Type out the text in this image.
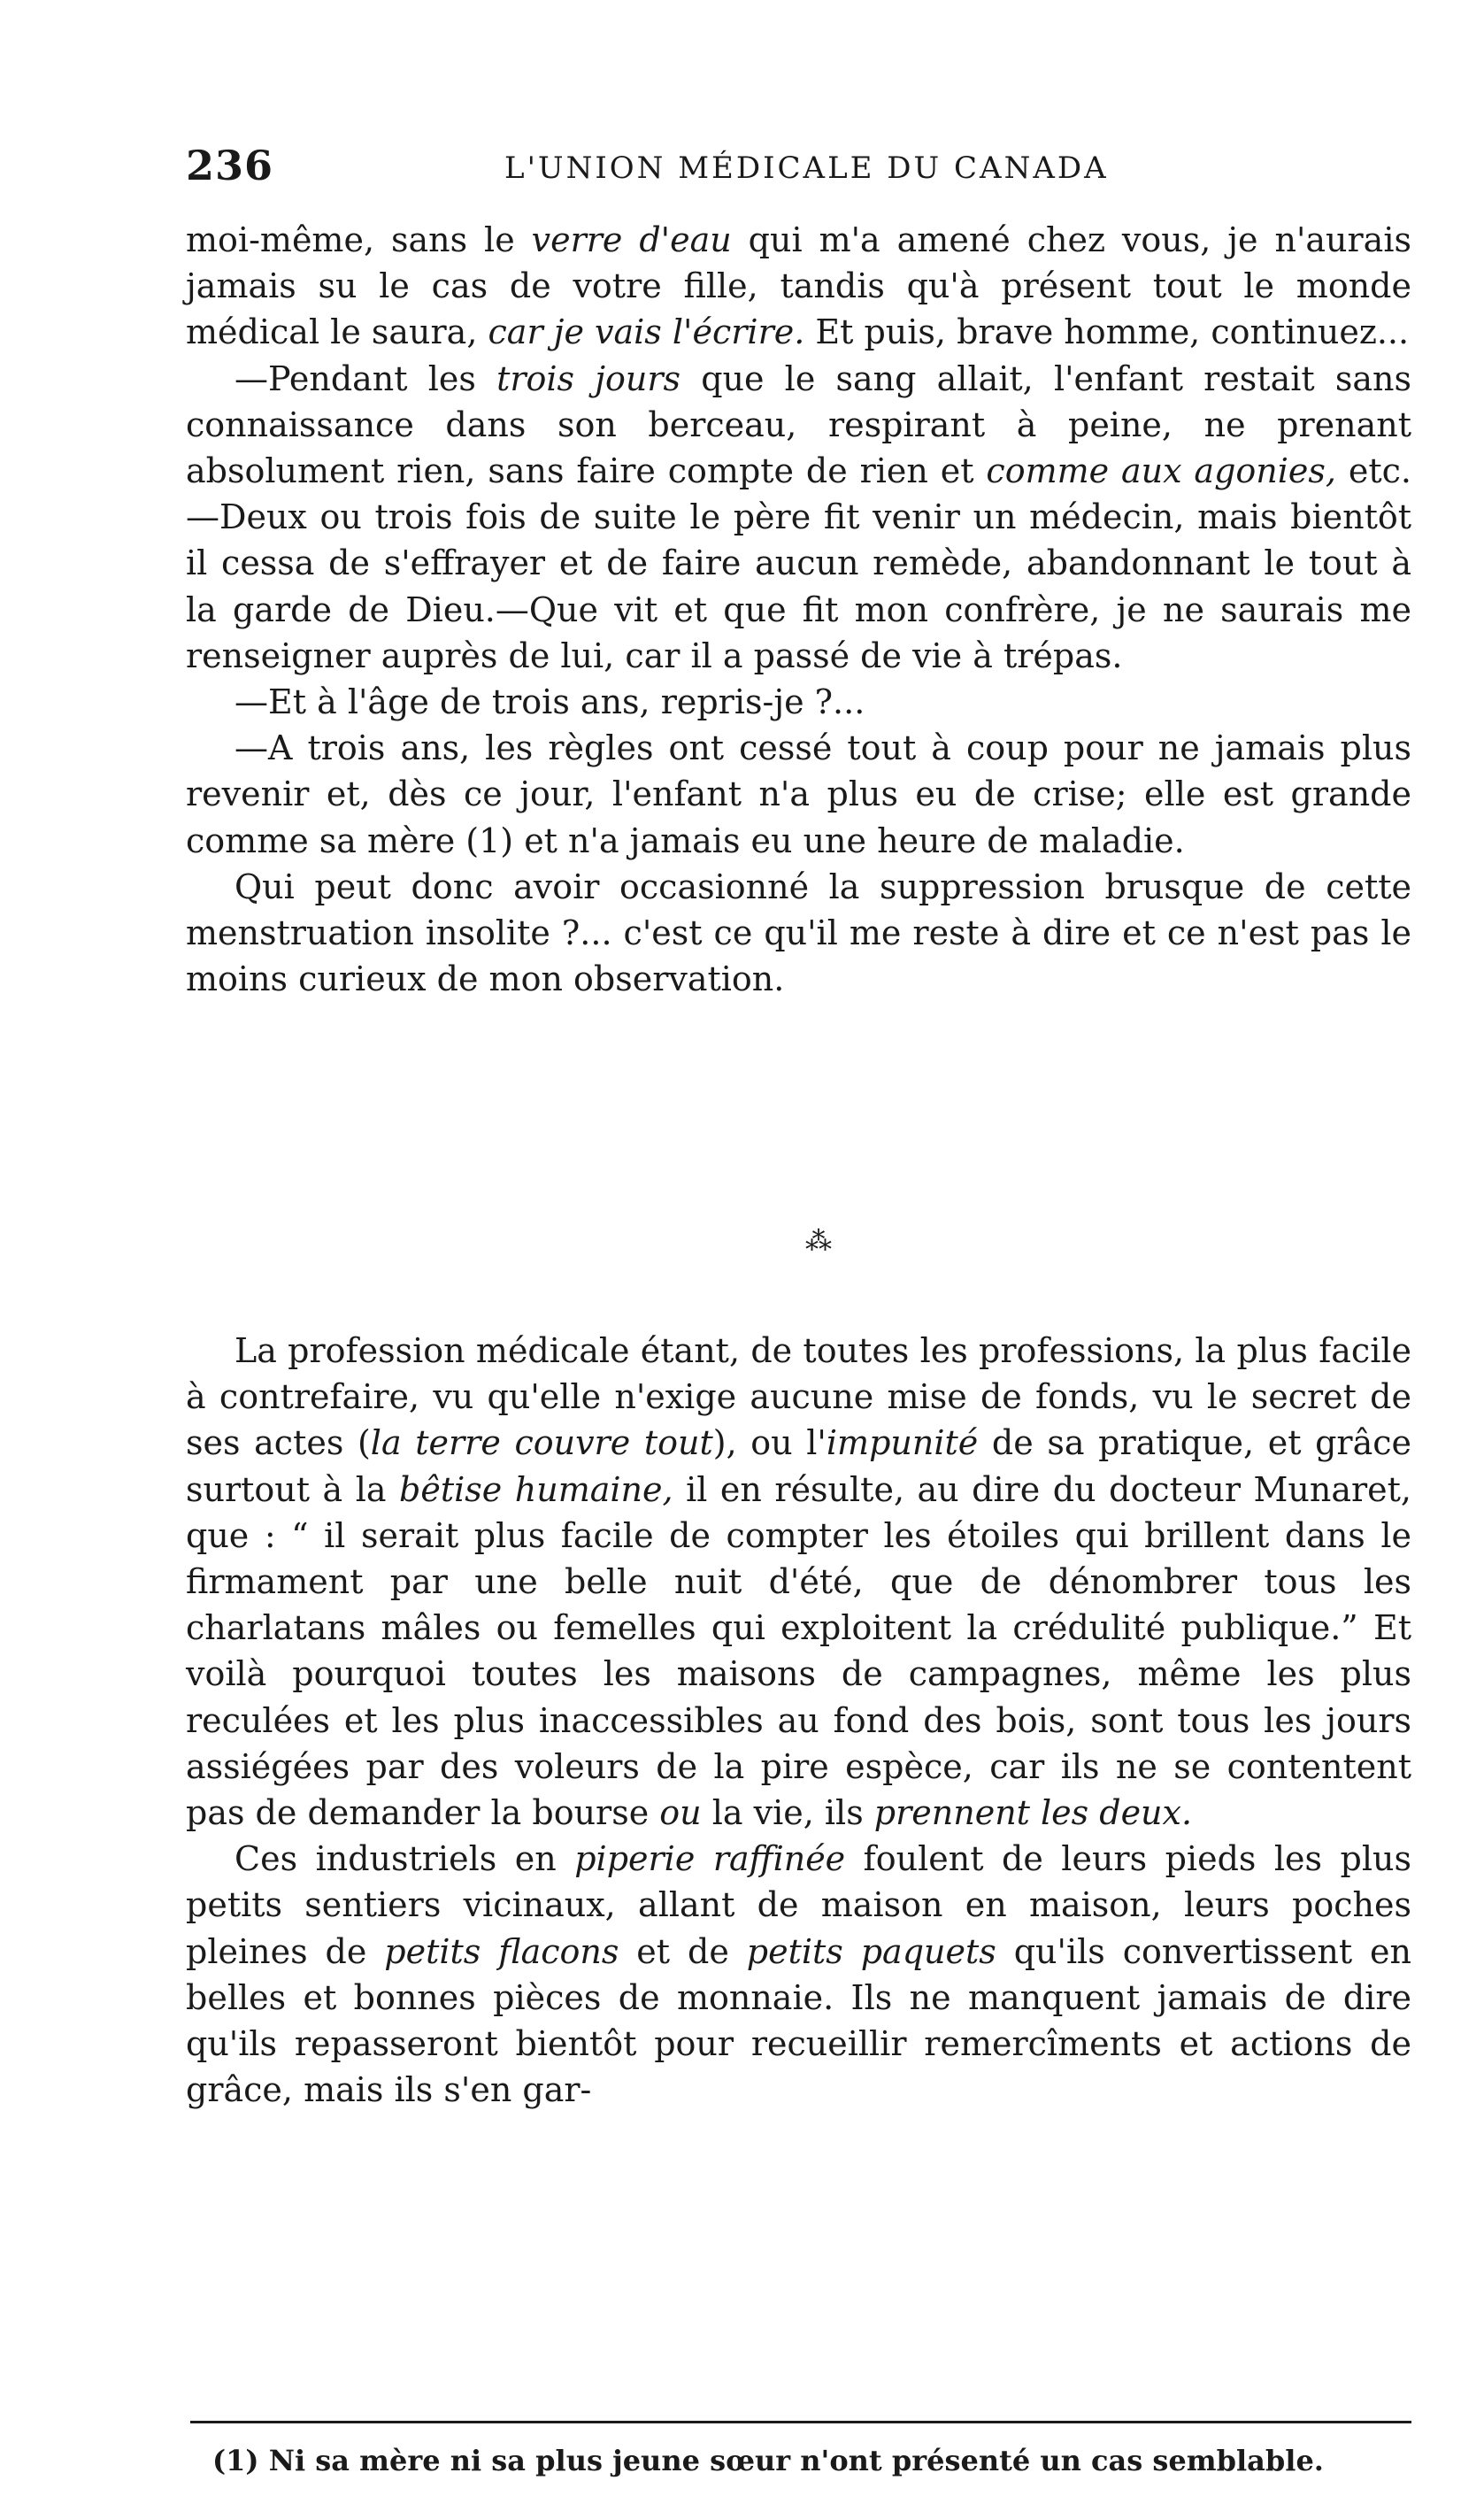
236	L'UNION MÉDICALE DU CANADA

moi-même, sans le verre d'eau qui m'a amené chez vous, je n'aurais jamais su le cas de votre fille, tandis qu'à présent tout le monde médical le saura, car je vais l'écrire. Et puis, brave homme, continuez...

—Pendant les trois jours que le sang allait, l'enfant restait sans connaissance dans son berceau, respirant à peine, ne prenant absolument rien, sans faire compte de rien et comme aux agonies, etc.—Deux ou trois fois de suite le père fit venir un médecin, mais bientôt il cessa de s'effrayer et de faire aucun remède, abandonnant le tout à la garde de Dieu.—Que vit et que fit mon confrère, je ne saurais me renseigner auprès de lui, car il a passé de vie à trépas.

—Et à l'âge de trois ans, repris-je ?...

—A trois ans, les règles ont cessé tout à coup pour ne jamais plus revenir et, dès ce jour, l'enfant n'a plus eu de crise; elle est grande comme sa mère (1) et n'a jamais eu une heure de maladie.

Qui peut donc avoir occasionné la suppression brusque de cette menstruation insolite ?... c'est ce qu'il me reste à dire et ce n'est pas le moins curieux de mon observation.

⁂

La profession médicale étant, de toutes les professions, la plus facile à contrefaire, vu qu'elle n'exige aucune mise de fonds, vu le secret de ses actes (la terre couvre tout), ou l'impunité de sa pratique, et grâce surtout à la bêtise humaine, il en résulte, au dire du docteur Munaret, que : “ il serait plus facile de compter les étoiles qui brillent dans le firmament par une belle nuit d'été, que de dénombrer tous les charlatans mâles ou femelles qui exploitent la crédulité publique.” Et voilà pourquoi toutes les maisons de campagnes, même les plus reculées et les plus inaccessibles au fond des bois, sont tous les jours assiégées par des voleurs de la pire espèce, car ils ne se contentent pas de demander la bourse ou la vie, ils prennent les deux.

Ces industriels en piperie raffinée foulent de leurs pieds les plus petits sentiers vicinaux, allant de maison en maison, leurs poches pleines de petits flacons et de petits paquets qu'ils convertissent en belles et bonnes pièces de monnaie. Ils ne manquent jamais de dire qu'ils repasseront bientôt pour recueillir remercîments et actions de grâce, mais ils s'en gar-

(1) Ni sa mère ni sa plus jeune sœur n'ont présenté un cas semblable.
